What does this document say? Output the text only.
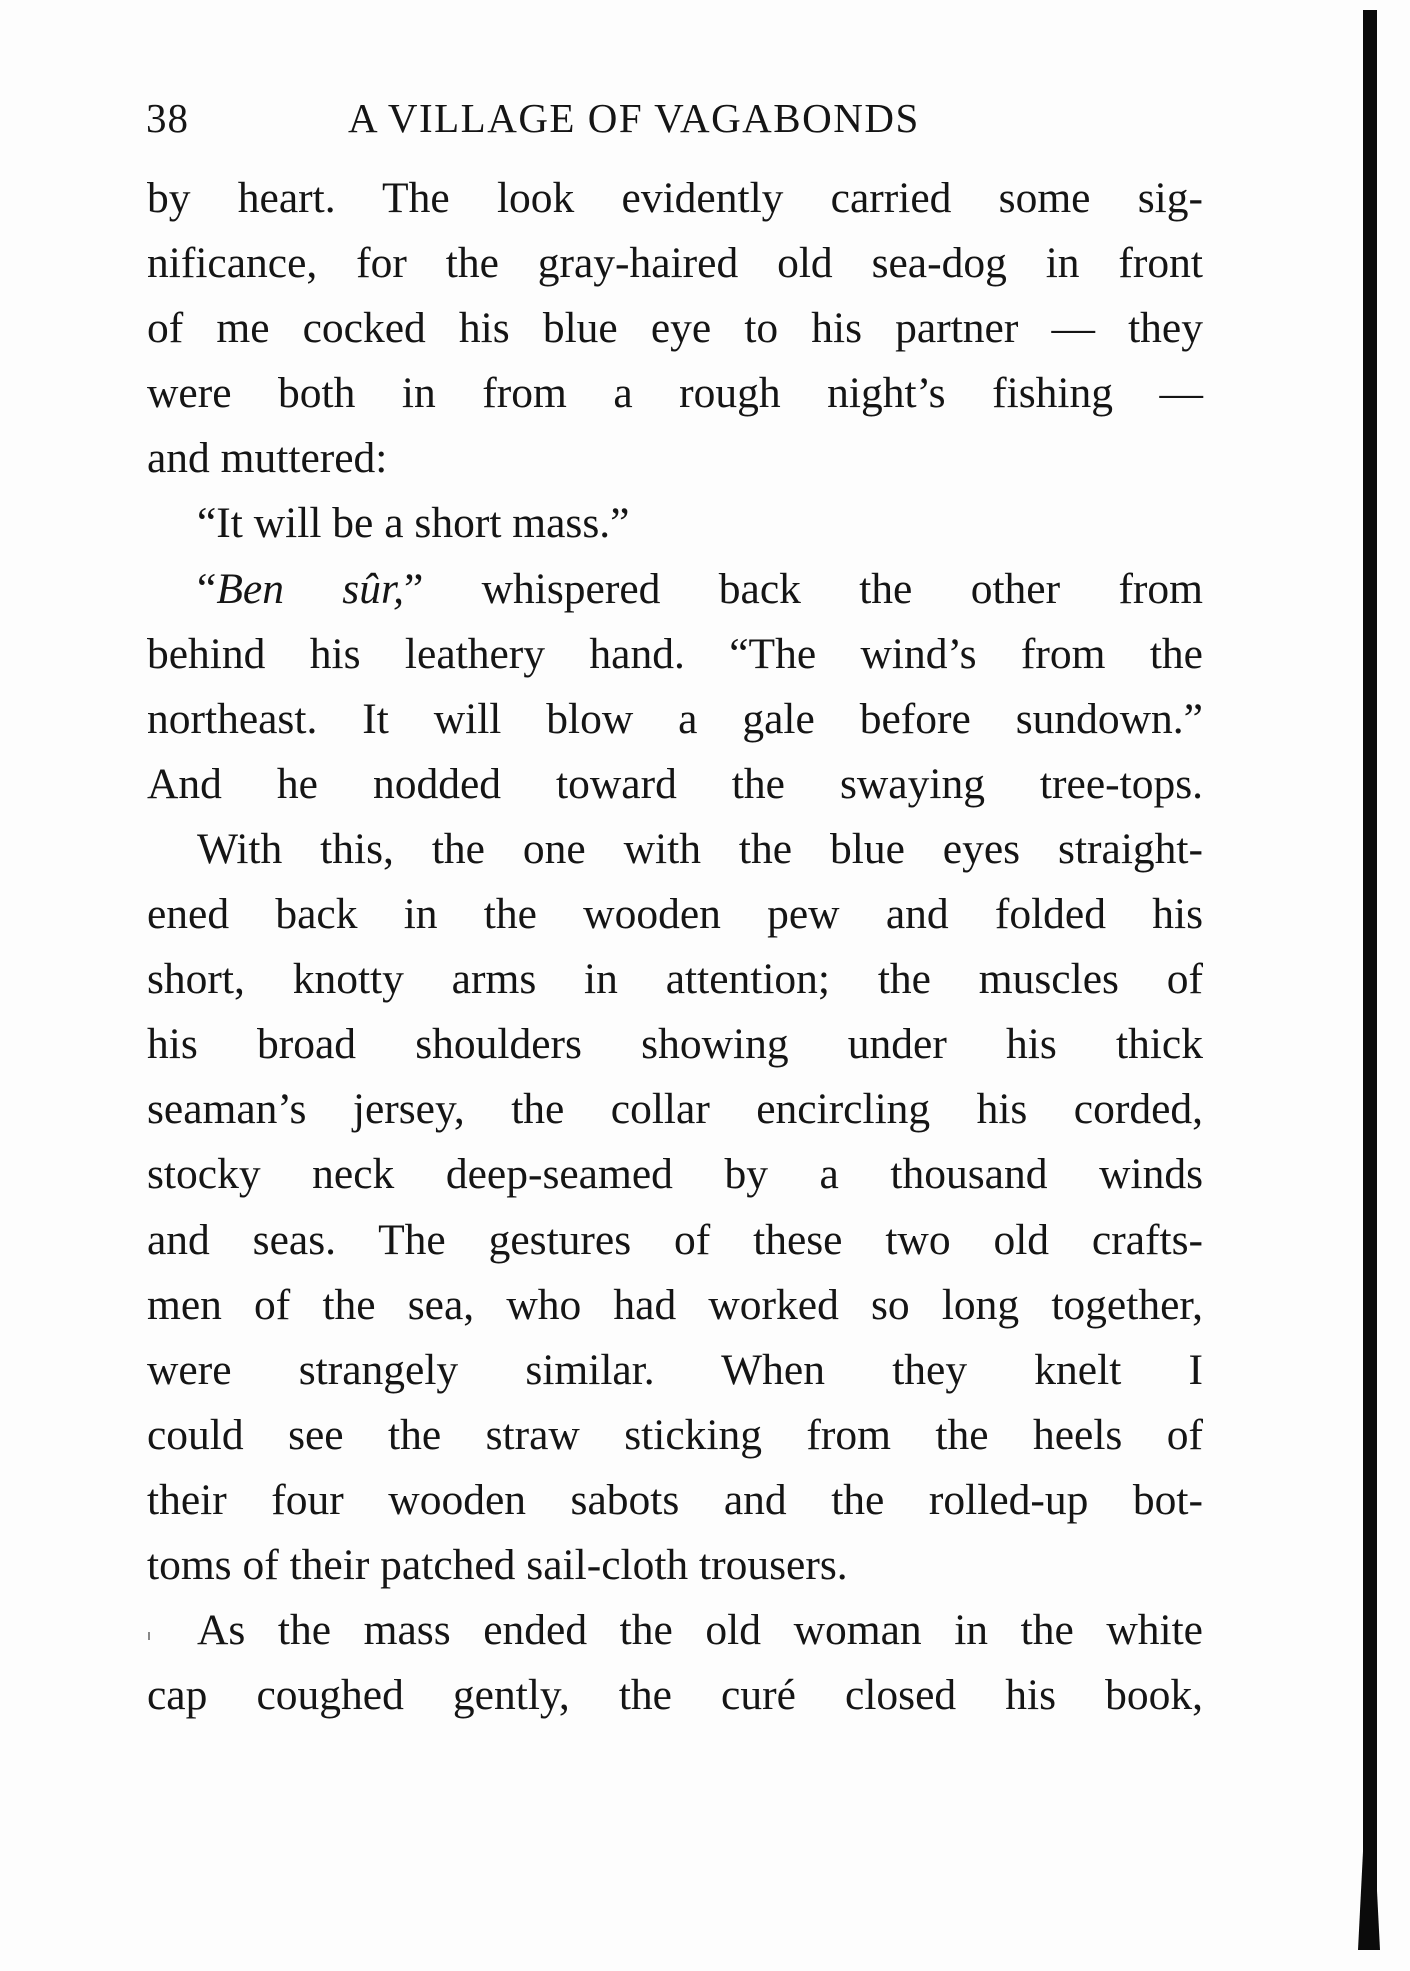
38	A VILLAGE OF VAGABONDS
by heart. The look evidently carried some sig-
nificance, for the gray-haired old sea-dog in front
of me cocked his blue eye to his partner — they
were both in from a rough night’s fishing —
and muttered:
“It will be a short mass.”
“Ben sûr,” whispered back the other from
behind his leathery hand. “The wind’s from the
northeast. It will blow a gale before sundown.”
And he nodded toward the swaying tree-tops.
With this, the one with the blue eyes straight-
ened back in the wooden pew and folded his
short, knotty arms in attention; the muscles of
his broad shoulders showing under his thick
seaman’s jersey, the collar encircling his corded,
stocky neck deep-seamed by a thousand winds
and seas. The gestures of these two old crafts-
men of the sea, who had worked so long together,
were strangely similar. When they knelt I
could see the straw sticking from the heels of
their four wooden sabots and the rolled-up bot-
toms of their patched sail-cloth trousers.
As the mass ended the old woman in the white
cap coughed gently, the curé closed his book,
